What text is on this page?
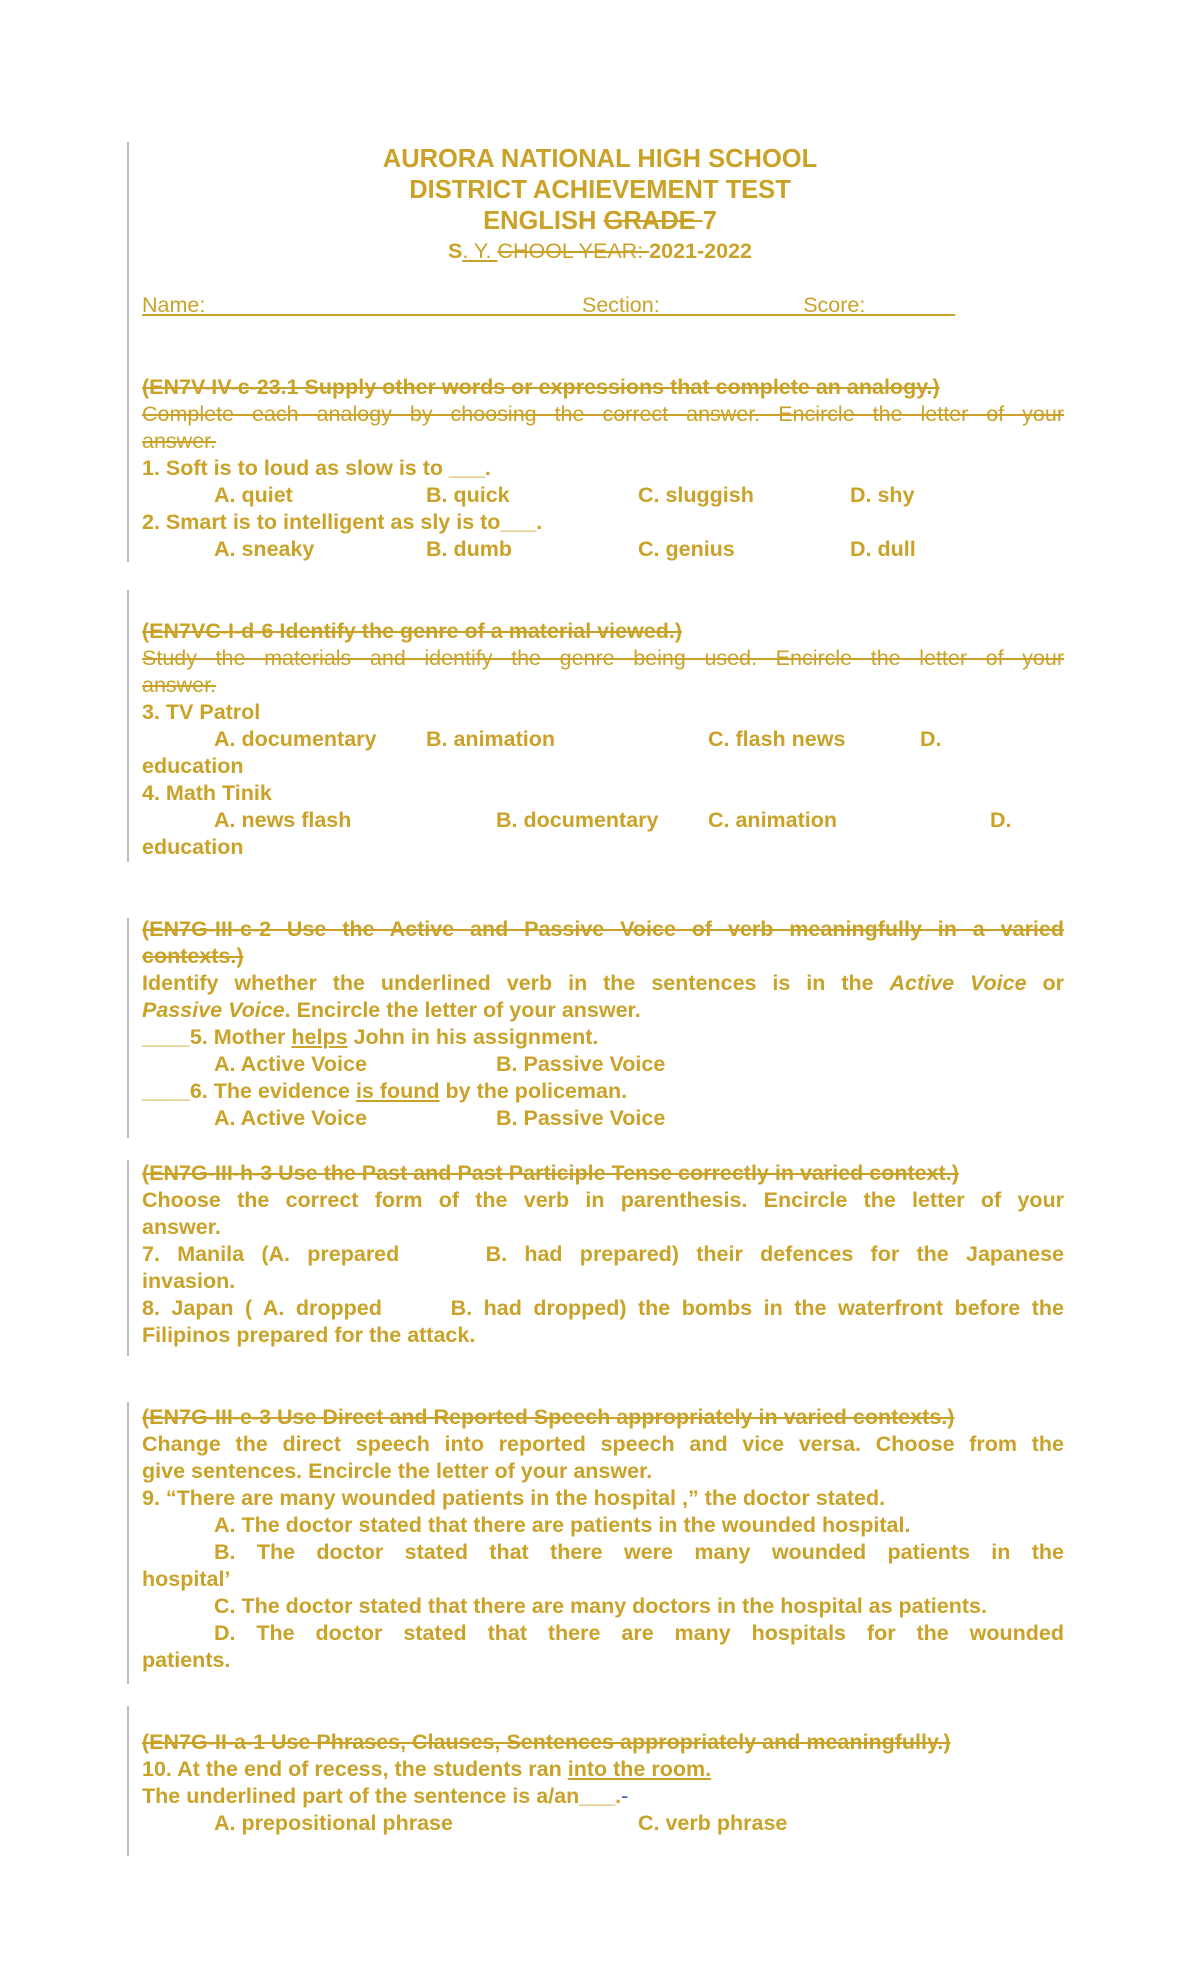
AURORA NATIONAL HIGH SCHOOL
DISTRICT ACHIEVEMENT TEST
ENGLISH GRADE 7
S. Y. CHOOL YEAR: 2021-2022
Name:_______________________________ Section: ___________ Score: _______
(EN7V-IV-c-23.1 Supply other words or expressions that complete an analogy.)
Complete each analogy by choosing the correct answer. Encircle the letter of your
answer.
1. Soft is to loud as slow is to ___.
A. quiet	B. quick	C. sluggish	D. shy
2. Smart is to intelligent as sly is to___.
A. sneaky	B. dumb	C. genius	D. dull
(EN7VC-I-d-6 Identify the genre of a material viewed.)
Study the materials and identify the genre being used. Encircle the letter of your
answer.
3. TV Patrol
A. documentary B. animation	C. flash news	D.
education
4. Math Tinik
A. news flash	B. documentary C. animation	D.
education
(EN7G-III-c-2 Use the Active and Passive Voice of verb meaningfully in a varied
contexts.)
Identify whether the underlined verb in the sentences is in the Active Voice or
Passive Voice. Encircle the letter of your answer.
____5. Mother helps John in his assignment.
A. Active Voice	B. Passive Voice
____6. The evidence is found by the policeman.
A. Active Voice	B. Passive Voice
(EN7G-III-h-3 Use the Past and Past Participle Tense correctly in varied context.)
Choose the correct form of the verb in parenthesis. Encircle the letter of your
answer.
7. Manila (A. prepared     B. had prepared) their defences for the Japanese
invasion.
8. Japan ( A. dropped      B. had dropped) the bombs in the waterfront before the
Filipinos prepared for the attack.
(EN7G-III-e-3 Use Direct and Reported Speech appropriately in varied contexts.)
Change the direct speech into reported speech and vice versa. Choose from the
give sentences. Encircle the letter of your answer.
9. “There are many wounded patients in the hospital ,” the doctor stated.
A. The doctor stated that there are patients in the wounded hospital.
B. The doctor stated that there were many wounded patients in the
hospital’
C. The doctor stated that there are many doctors in the hospital as patients.
D. The doctor stated that there are many hospitals for the wounded
patients.
(EN7G-II-a-1 Use Phrases, Clauses, Sentences appropriately and meaningfully.)
10. At the end of recess, the students ran into the room.
The underlined part of the sentence is a/an___.-
A. prepositional phrase	C. verb phrase
